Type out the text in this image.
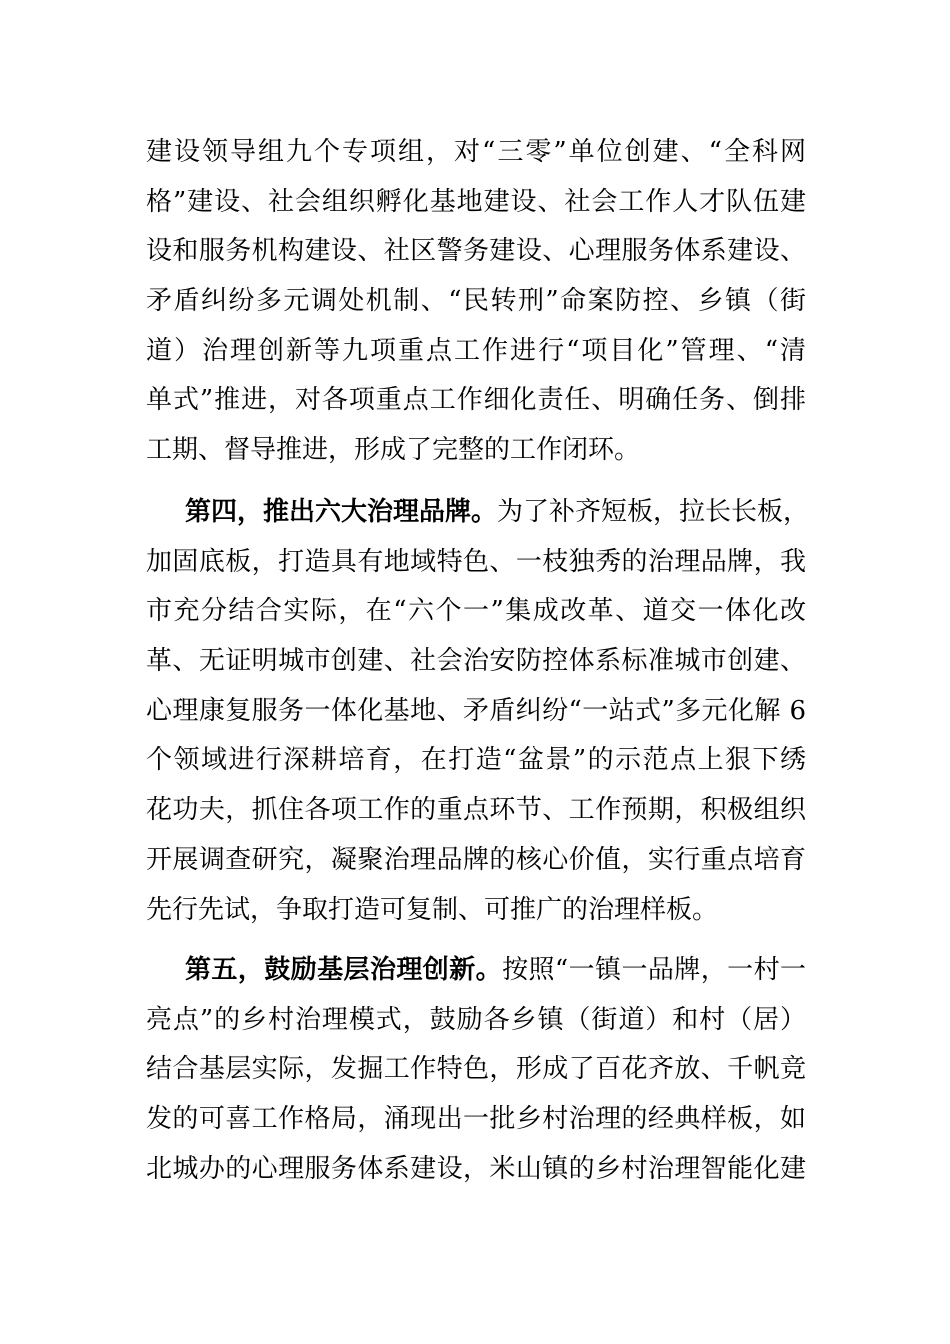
建设领导组九个专项组，对“三零”单位创建、“全科网
格”建设、社会组织孵化基地建设、社会工作人才队伍建
设和服务机构建设、社区警务建设、心理服务体系建设、
矛盾纠纷多元调处机制、“民转刑”命案防控、乡镇（街
道）治理创新等九项重点工作进行“项目化”管理、“清
单式”推进，对各项重点工作细化责任、明确任务、倒排
工期、督导推进，形成了完整的工作闭环。
第四，推出六大治理品牌。为了补齐短板，拉长长板，
加固底板，打造具有地域特色、一枝独秀的治理品牌，我
市充分结合实际，在“六个一”集成改革、道交一体化改
革、无证明城市创建、社会治安防控体系标准城市创建、
心理康复服务一体化基地、矛盾纠纷“一站式”多元化解 6
个领域进行深耕培育，在打造“盆景”的示范点上狠下绣
花功夫，抓住各项工作的重点环节、工作预期，积极组织
开展调查研究，凝聚治理品牌的核心价值，实行重点培育
先行先试，争取打造可复制、可推广的治理样板。
第五，鼓励基层治理创新。按照“一镇一品牌，一村一
亮点”的乡村治理模式，鼓励各乡镇（街道）和村（居）
结合基层实际，发掘工作特色，形成了百花齐放、千帆竞
发的可喜工作格局，涌现出一批乡村治理的经典样板，如
北城办的心理服务体系建设，米山镇的乡村治理智能化建
